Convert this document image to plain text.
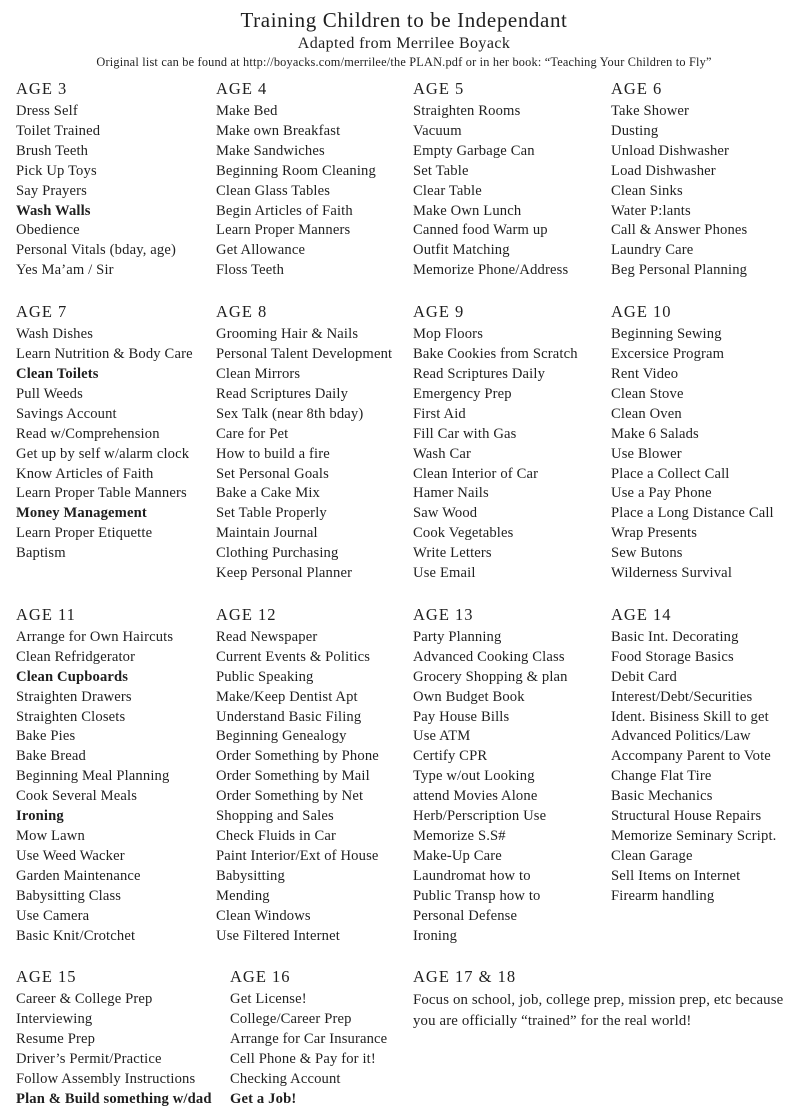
Training Children to be Independant
Adapted from Merrilee Boyack
Original list can be found at http://boyacks.com/merrilee/the PLAN.pdf or in her book: “Teaching Your Children to Fly”
AGE 3
Dress Self
Toilet Trained
Brush Teeth
Pick Up Toys
Say Prayers
Wash Walls
Obedience
Personal Vitals (bday, age)
Yes Ma’am / Sir
AGE 4
Make Bed
Make own Breakfast
Make Sandwiches
Beginning Room Cleaning
Clean Glass Tables
Begin Articles of Faith
Learn Proper Manners
Get Allowance
Floss Teeth
AGE 5
Straighten Rooms
Vacuum
Empty Garbage Can
Set Table
Clear Table
Make Own Lunch
Canned food Warm up
Outfit Matching
Memorize Phone/Address
AGE 6
Take Shower
Dusting
Unload Dishwasher
Load Dishwasher
Clean Sinks
Water P:lants
Call & Answer Phones
Laundry Care
Beg Personal Planning
AGE 7
Wash Dishes
Learn Nutrition & Body Care
Clean Toilets
Pull Weeds
Savings Account
Read w/Comprehension
Get up by self w/alarm clock
Know Articles of Faith
Learn Proper Table Manners
Money Management
Learn Proper Etiquette
Baptism
AGE 8
Grooming Hair & Nails
Personal Talent Development
Clean Mirrors
Read Scriptures Daily
Sex Talk (near 8th bday)
Care for Pet
How to build a fire
Set Personal Goals
Bake a Cake Mix
Set Table Properly
Maintain Journal
Clothing Purchasing
Keep Personal Planner
AGE 9
Mop Floors
Bake Cookies from Scratch
Read Scriptures Daily
Emergency Prep
First Aid
Fill Car with Gas
Wash Car
Clean Interior of Car
Hamer Nails
Saw Wood
Cook Vegetables
Write Letters
Use Email
AGE 10
Beginning Sewing
Excersice Program
Rent Video
Clean Stove
Clean Oven
Make 6 Salads
Use Blower
Place a Collect Call
Use a Pay Phone
Place a Long Distance Call
Wrap Presents
Sew Butons
Wilderness Survival
AGE 11
Arrange for Own Haircuts
Clean Refridgerator
Clean Cupboards
Straighten Drawers
Straighten Closets
Bake Pies
Bake Bread
Beginning Meal Planning
Cook Several Meals
Ironing
Mow Lawn
Use Weed Wacker
Garden Maintenance
Babysitting Class
Use Camera
Basic Knit/Crotchet
AGE 12
Read Newspaper
Current Events & Politics
Public Speaking
Make/Keep Dentist Apt
Understand Basic Filing
Beginning Genealogy
Order Something by Phone
Order Something by Mail
Order Something by Net
Shopping and Sales
Check Fluids in Car
Paint Interior/Ext of House
Babysitting
Mending
Clean Windows
Use Filtered Internet
AGE 13
Party Planning
Advanced Cooking Class
Grocery Shopping & plan
Own Budget Book
Pay House Bills
Use ATM
Certify CPR
Type w/out Looking
attend Movies Alone
Herb/Perscription Use
Memorize S.S#
Make-Up Care
Laundromat how to
Public Transp how to
Personal Defense
Ironing
AGE 14
Basic Int. Decorating
Food Storage Basics
Debit Card
Interest/Debt/Securities
Ident. Bisiness Skill to get
Advanced Politics/Law
Accompany Parent to Vote
Change Flat Tire
Basic Mechanics
Structural House Repairs
Memorize Seminary Script.
Clean Garage
Sell Items on Internet
Firearm handling
AGE 15
Career & College Prep
Interviewing
Resume Prep
Driver’s Permit/Practice
Follow Assembly Instructions
Plan & Build something w/dad
AGE 16
Get License!
College/Career Prep
Arrange for Car Insurance
Cell Phone & Pay for it!
Checking Account
Get a Job!
AGE 17 & 18

Focus on school, job, college prep, mission prep, etc because you are officially “trained” for the real world!
